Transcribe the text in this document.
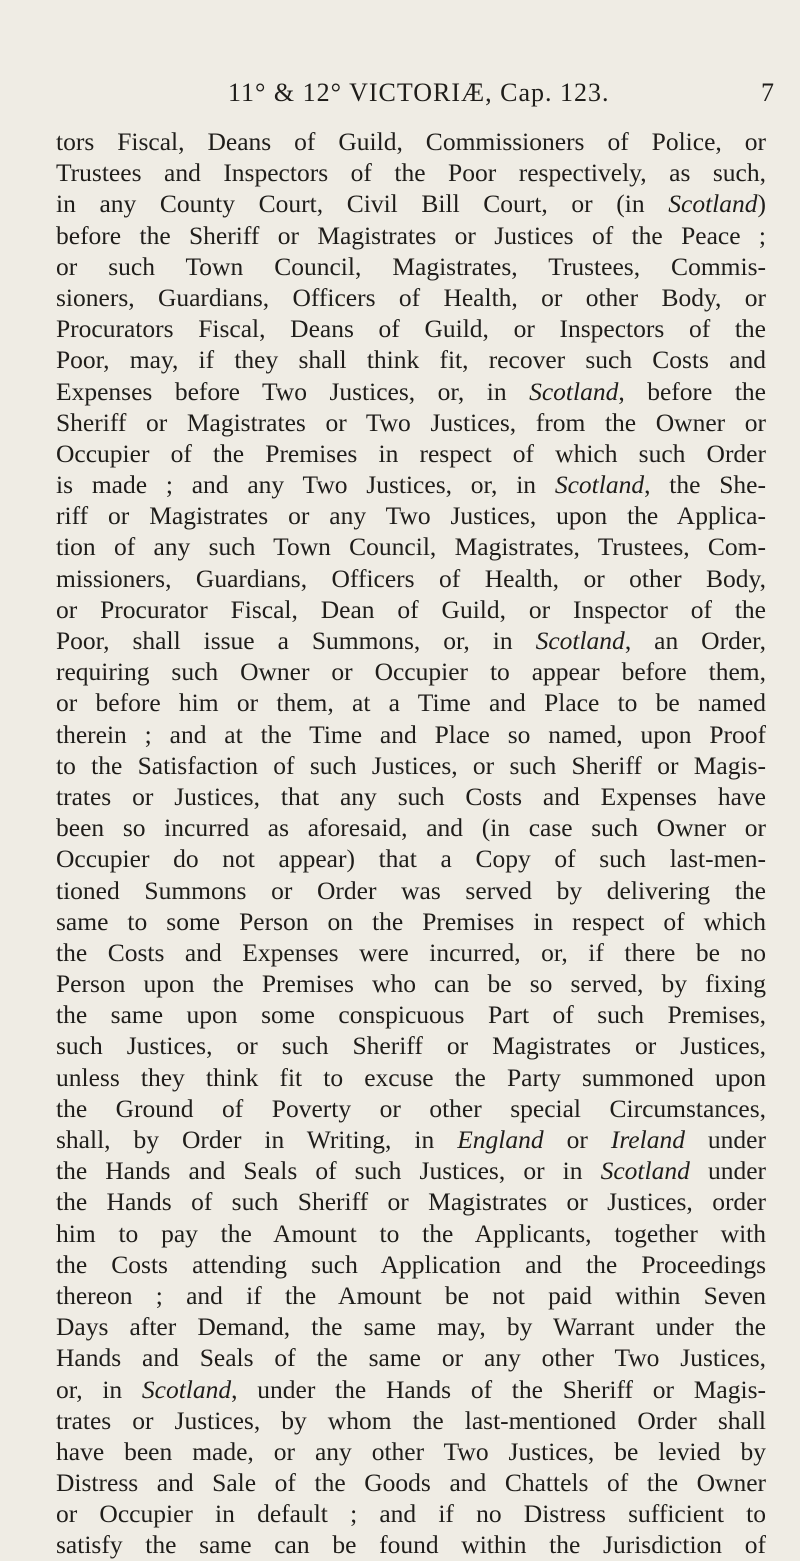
11° & 12° VICTORIÆ, Cap. 123.	7
tors Fiscal, Deans of Guild, Commissioners of Police, or
Trustees and Inspectors of the Poor respectively, as such,
in any County Court, Civil Bill Court, or (in Scotland)
before the Sheriff or Magistrates or Justices of the Peace ;
or such Town Council, Magistrates, Trustees, Commis-
sioners, Guardians, Officers of Health, or other Body, or
Procurators Fiscal, Deans of Guild, or Inspectors of the
Poor, may, if they shall think fit, recover such Costs and
Expenses before Two Justices, or, in Scotland, before the
Sheriff or Magistrates or Two Justices, from the Owner or
Occupier of the Premises in respect of which such Order
is made ; and any Two Justices, or, in Scotland, the She-
riff or Magistrates or any Two Justices, upon the Applica-
tion of any such Town Council, Magistrates, Trustees, Com-
missioners, Guardians, Officers of Health, or other Body,
or Procurator Fiscal, Dean of Guild, or Inspector of the
Poor, shall issue a Summons, or, in Scotland, an Order,
requiring such Owner or Occupier to appear before them,
or before him or them, at a Time and Place to be named
therein ; and at the Time and Place so named, upon Proof
to the Satisfaction of such Justices, or such Sheriff or Magis-
trates or Justices, that any such Costs and Expenses have
been so incurred as aforesaid, and (in case such Owner or
Occupier do not appear) that a Copy of such last-men-
tioned Summons or Order was served by delivering the
same to some Person on the Premises in respect of which
the Costs and Expenses were incurred, or, if there be no
Person upon the Premises who can be so served, by fixing
the same upon some conspicuous Part of such Premises,
such Justices, or such Sheriff or Magistrates or Justices,
unless they think fit to excuse the Party summoned upon
the Ground of Poverty or other special Circumstances,
shall, by Order in Writing, in England or Ireland under
the Hands and Seals of such Justices, or in Scotland under
the Hands of such Sheriff or Magistrates or Justices, order
him to pay the Amount to the Applicants, together with
the Costs attending such Application and the Proceedings
thereon ; and if the Amount be not paid within Seven
Days after Demand, the same may, by Warrant under the
Hands and Seals of the same or any other Two Justices,
or, in Scotland, under the Hands of the Sheriff or Magis-
trates or Justices, by whom the last-mentioned Order shall
have been made, or any other Two Justices, be levied by
Distress and Sale of the Goods and Chattels of the Owner
or Occupier in default ; and if no Distress sufficient to
satisfy the same can be found within the Jurisdiction of
